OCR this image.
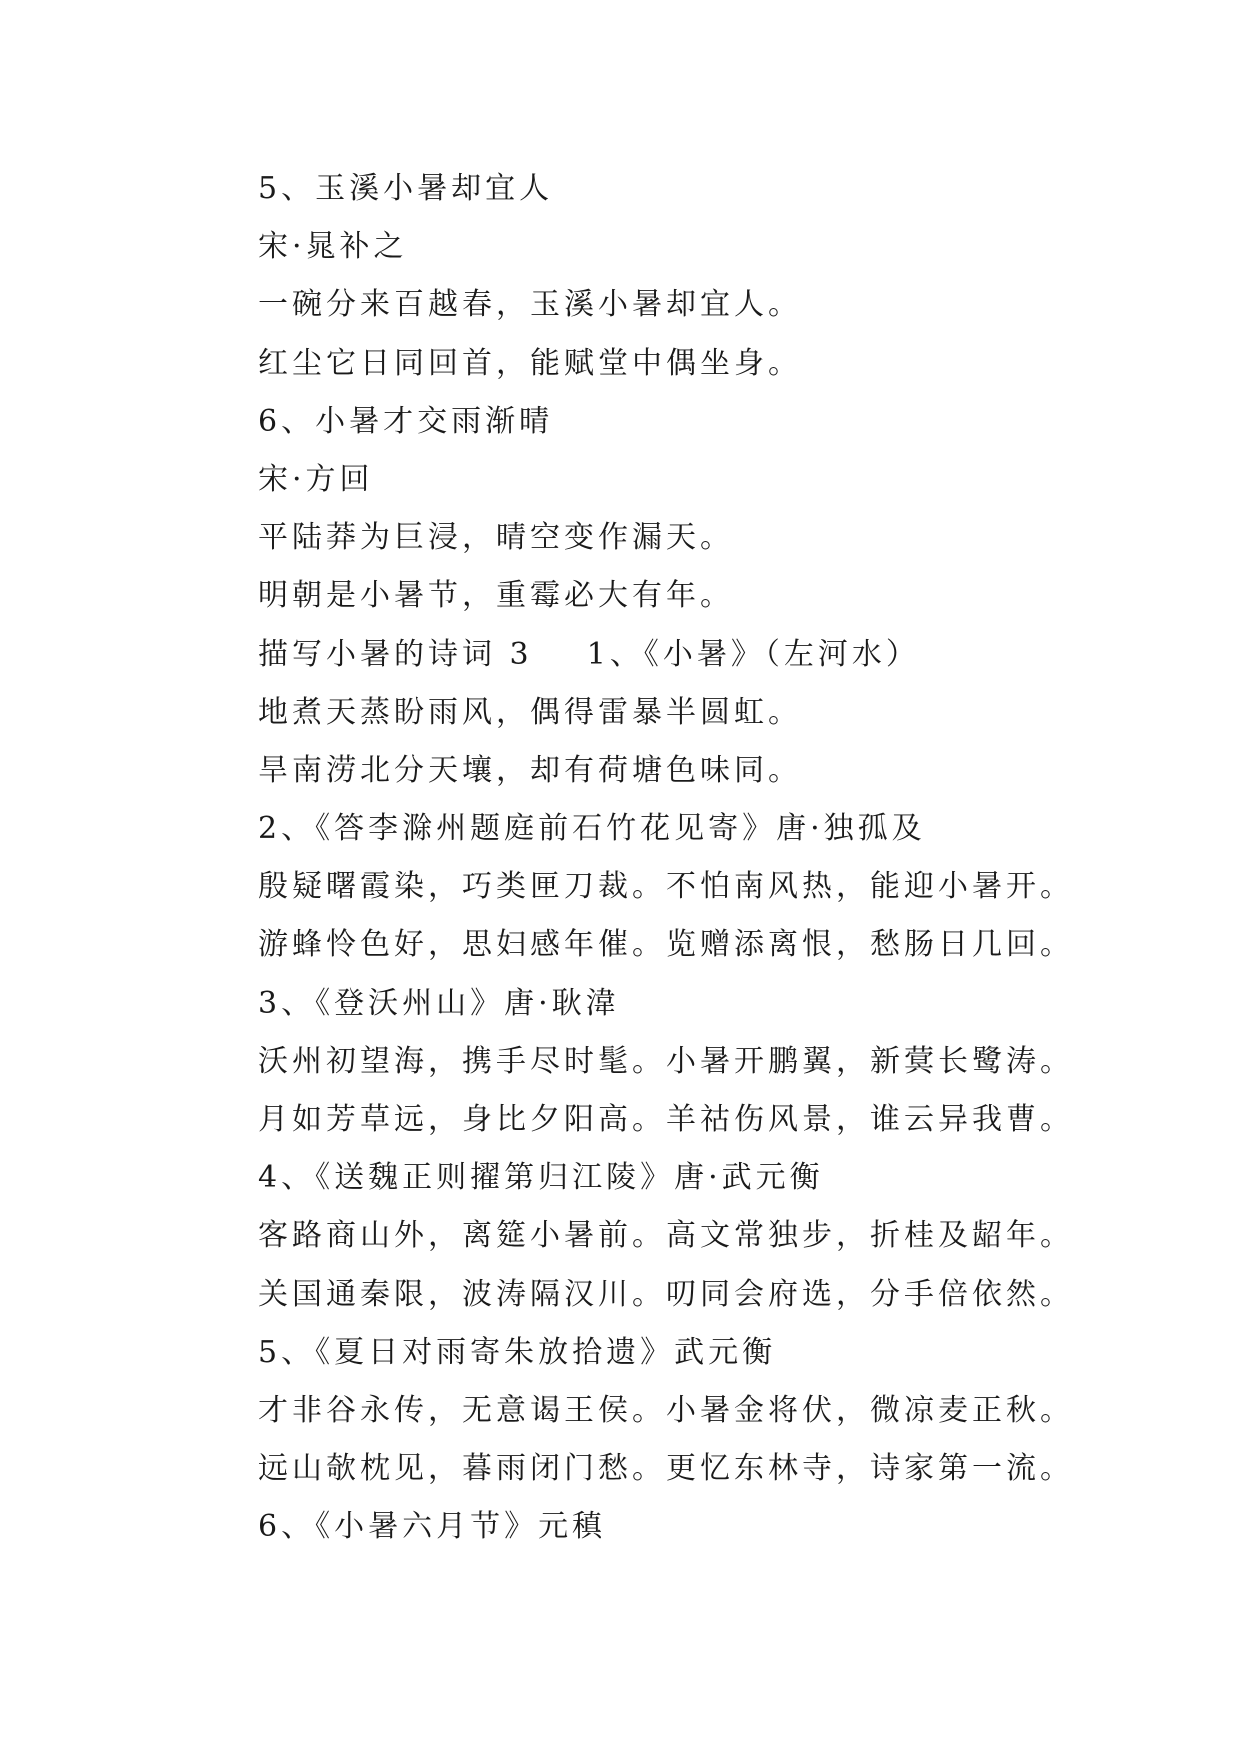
5、玉溪小暑却宜人
宋·晁补之
一碗分来百越春，玉溪小暑却宜人。
红尘它日同回首，能赋堂中偶坐身。
6、小暑才交雨渐晴
宋·方回
平陆莽为巨浸，晴空变作漏天。
明朝是小暑节，重霉必大有年。
描写小暑的诗词 3    1、《小暑》（左河水）
地煮天蒸盼雨风，偶得雷暴半圆虹。
旱南涝北分天壤，却有荷塘色味同。
2、《答李滁州题庭前石竹花见寄》唐·独孤及
殷疑曙霞染，巧类匣刀裁。不怕南风热，能迎小暑开。
游蜂怜色好，思妇感年催。览赠添离恨，愁肠日几回。
3、《登沃州山》唐·耿湋
沃州初望海，携手尽时髦。小暑开鹏翼，新蓂长鹭涛。
月如芳草远，身比夕阳高。羊祜伤风景，谁云异我曹。
4、《送魏正则擢第归江陵》唐·武元衡
客路商山外，离筵小暑前。高文常独步，折桂及龆年。
关国通秦限，波涛隔汉川。叨同会府选，分手倍依然。
5、《夏日对雨寄朱放拾遗》武元衡
才非谷永传，无意谒王侯。小暑金将伏，微凉麦正秋。
远山欹枕见，暮雨闭门愁。更忆东林寺，诗家第一流。
6、《小暑六月节》元稹
